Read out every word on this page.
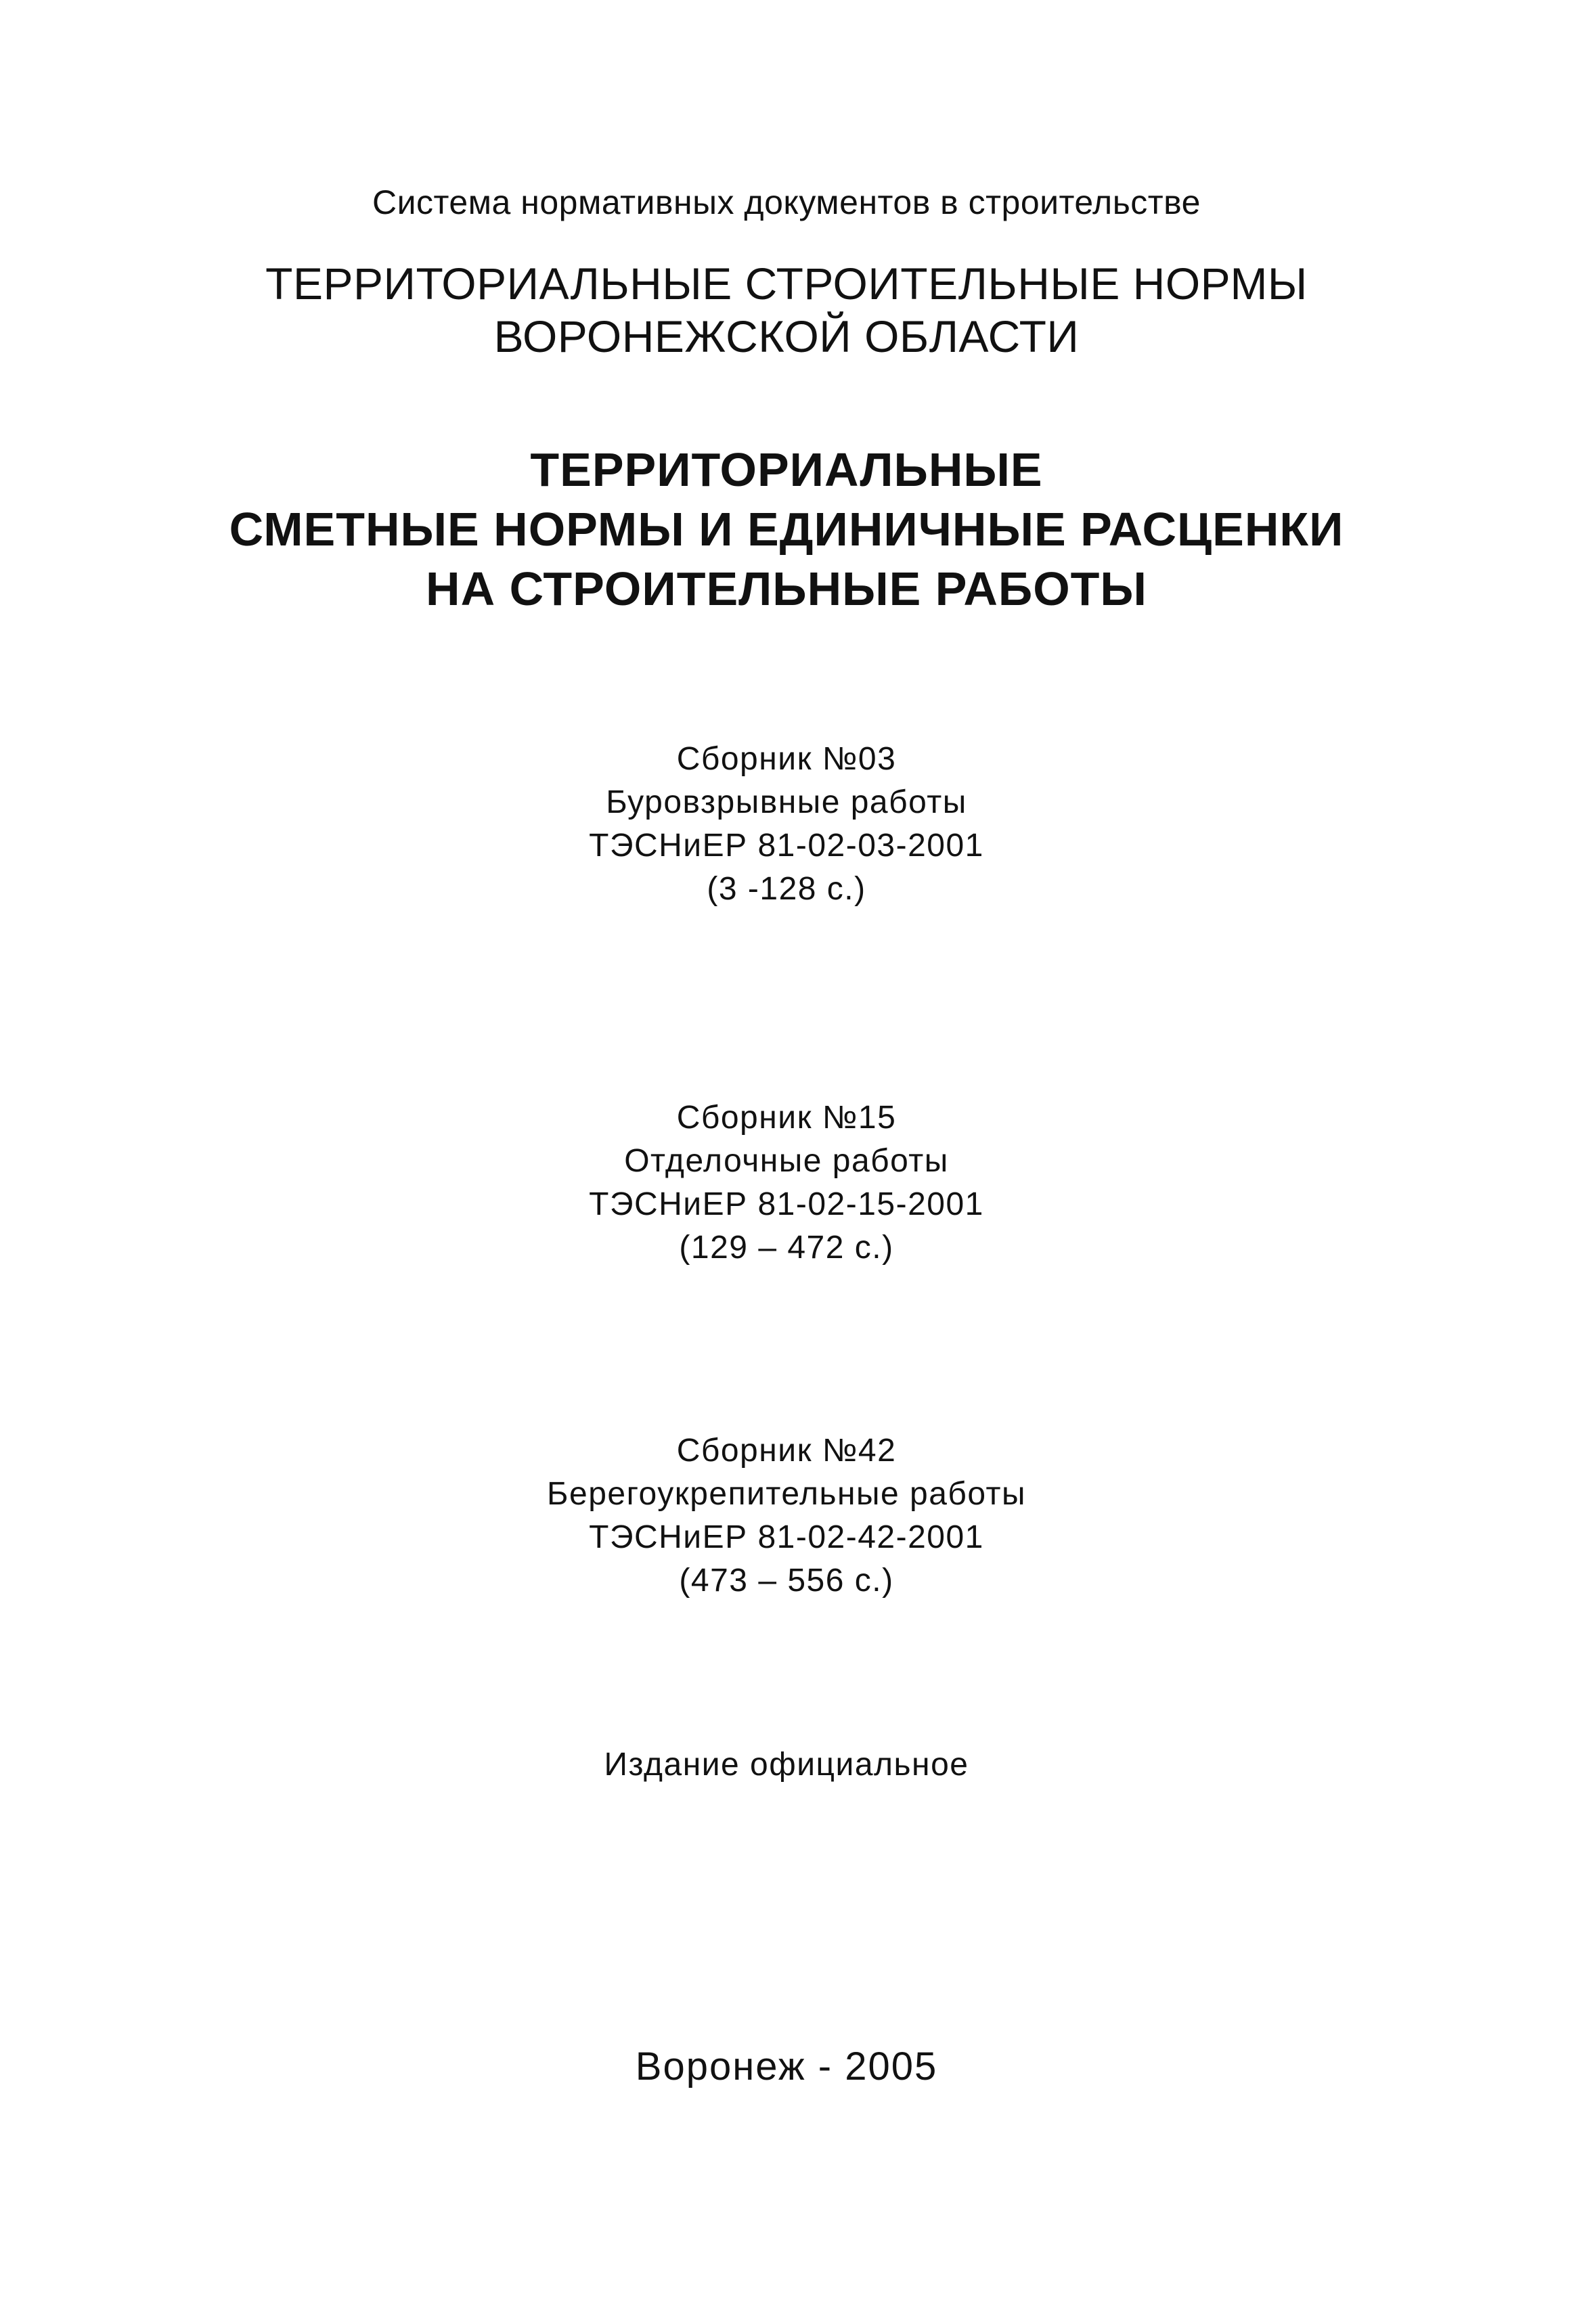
Система нормативных документов в строительстве
ТЕРРИТОРИАЛЬНЫЕ СТРОИТЕЛЬНЫЕ НОРМЫ
ВОРОНЕЖСКОЙ ОБЛАСТИ
ТЕРРИТОРИАЛЬНЫЕ
СМЕТНЫЕ НОРМЫ И ЕДИНИЧНЫЕ РАСЦЕНКИ
НА СТРОИТЕЛЬНЫЕ РАБОТЫ
Сборник №03
Буровзрывные работы
ТЭСНиЕР 81-02-03-2001
(3 -128 с.)
Сборник №15
Отделочные работы
ТЭСНиЕР 81-02-15-2001
(129 – 472 с.)
Сборник №42
Берегоукрепительные работы
ТЭСНиЕР 81-02-42-2001
(473 – 556 с.)
Издание официальное
Воронеж - 2005
